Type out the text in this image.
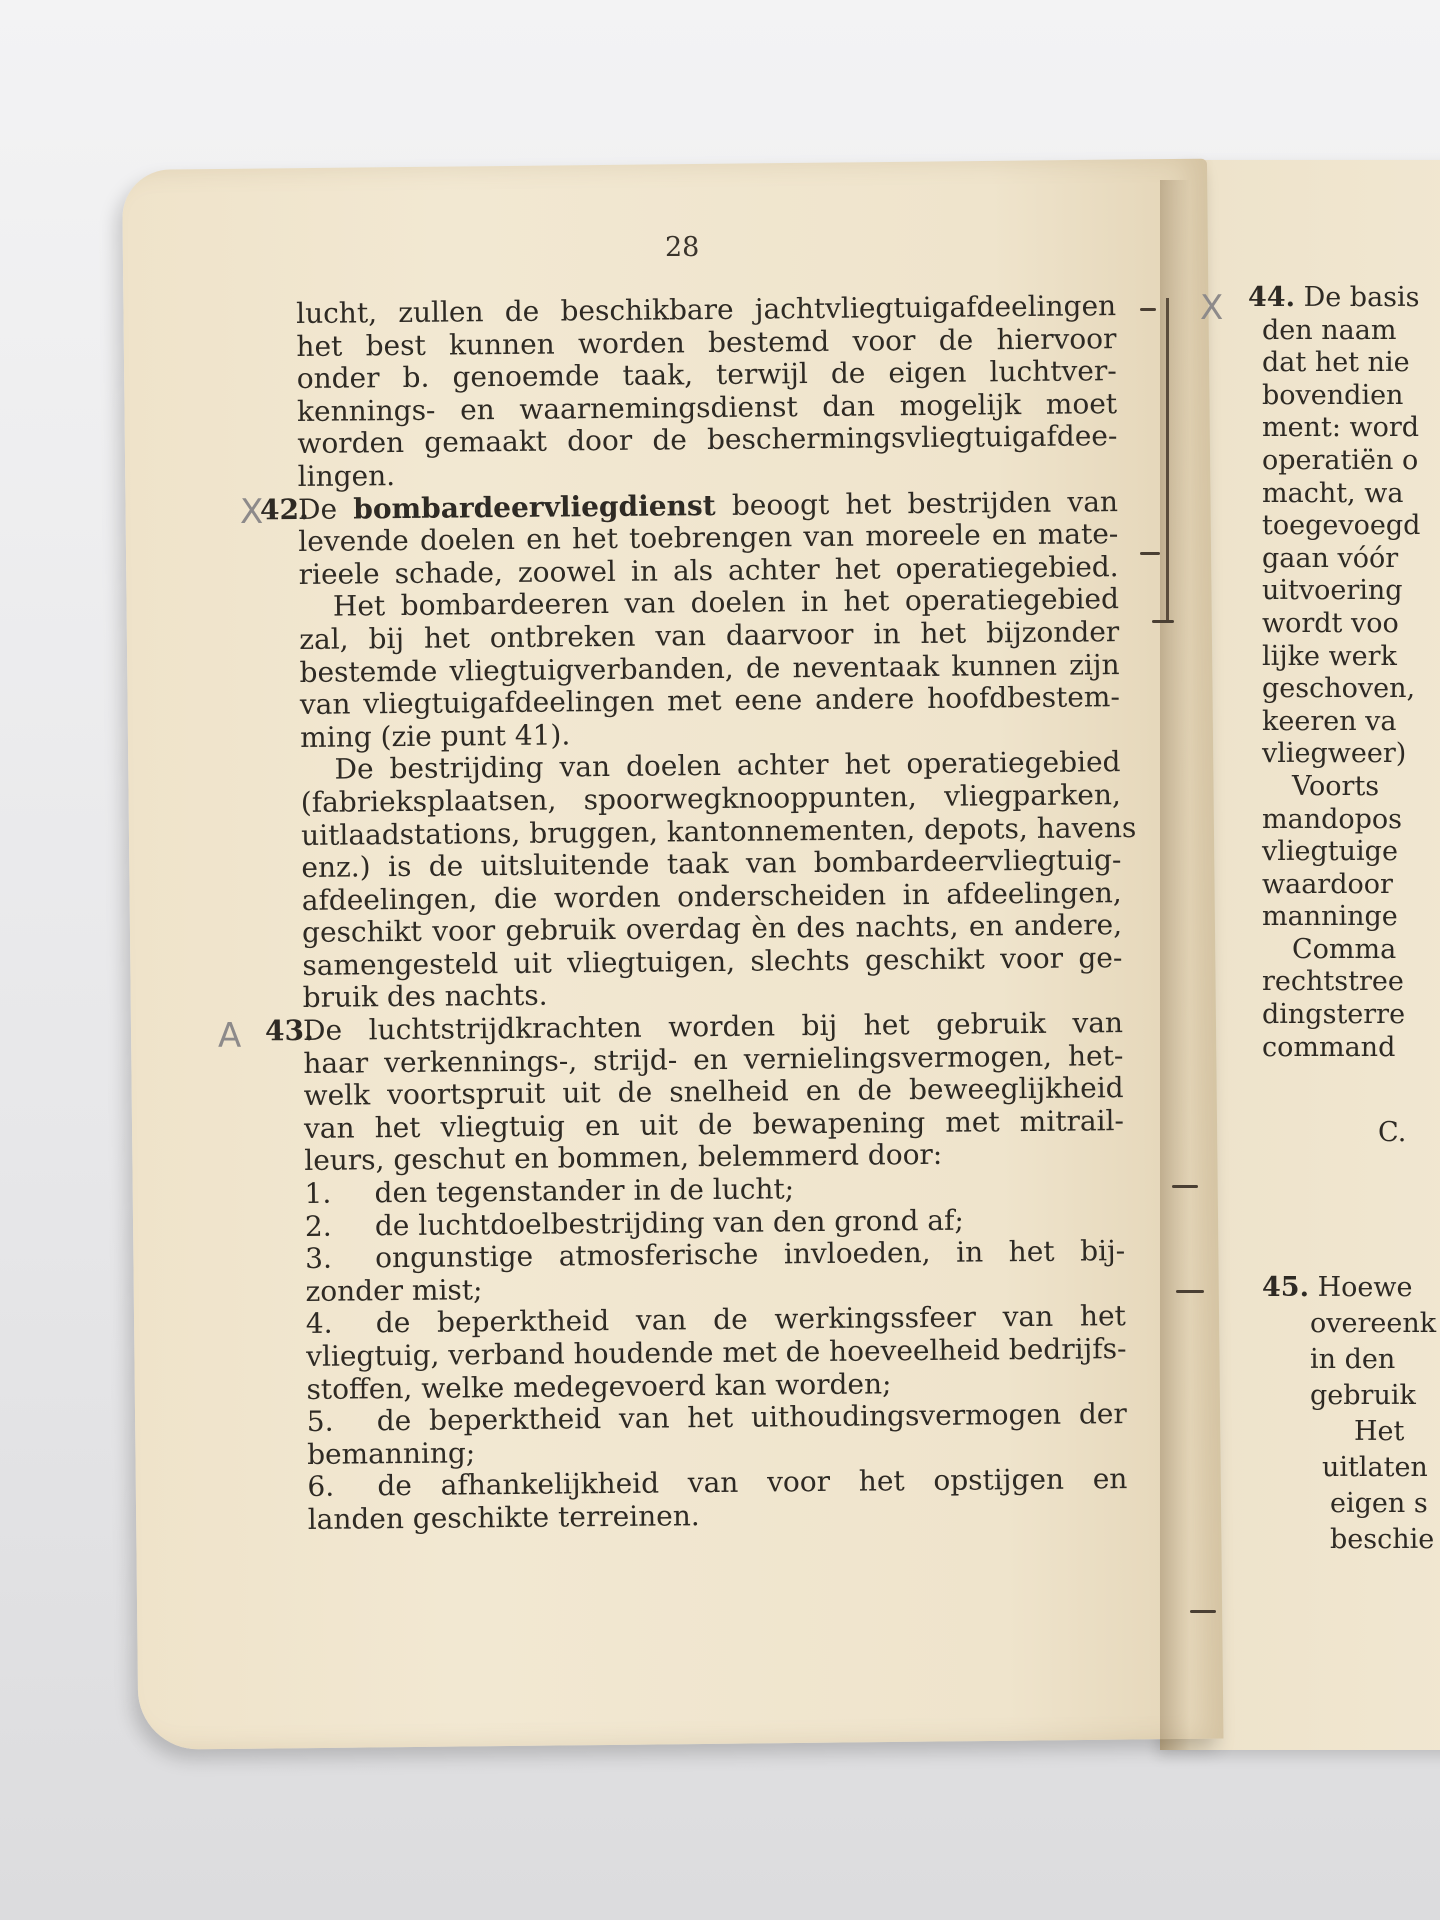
28
lucht, zullen de beschikbare jachtvliegtuigafdeelingen
het best kunnen worden bestemd voor de hiervoor
onder b. genoemde taak, terwijl de eigen luchtver-
kennings- en waarnemingsdienst dan mogelijk moet
worden gemaakt door de beschermingsvliegtuigafdee-
lingen.
42.
De bombardeervliegdienst beoogt het bestrijden van
levende doelen en het toebrengen van moreele en mate-
rieele schade, zoowel in als achter het operatiegebied.
Het bombardeeren van doelen in het operatiegebied
zal, bij het ontbreken van daarvoor in het bijzonder
bestemde vliegtuigverbanden, de neventaak kunnen zijn
van vliegtuigafdeelingen met eene andere hoofdbestem-
ming (zie punt 41).
De bestrijding van doelen achter het operatiegebied
(fabrieksplaatsen, spoorwegknooppunten, vliegparken,
uitlaadstations, bruggen, kantonnementen, depots, havens
enz.) is de uitsluitende taak van bombardeervliegtuig-
afdeelingen, die worden onderscheiden in afdeelingen,
geschikt voor gebruik overdag èn des nachts, en andere,
samengesteld uit vliegtuigen, slechts geschikt voor ge-
bruik des nachts.
43.
De luchtstrijdkrachten worden bij het gebruik van
haar verkennings-, strijd- en vernielingsvermogen, het-
welk voortspruit uit de snelheid en de beweeglijkheid
van het vliegtuig en uit de bewapening met mitrail-
leurs, geschut en bommen, belemmerd door:
1. den tegenstander in de lucht;
2. de luchtdoelbestrijding van den grond af;
3. ongunstige atmosferische invloeden, in het bij-
zonder mist;
4. de beperktheid van de werkingssfeer van het
vliegtuig, verband houdende met de hoeveelheid bedrijfs-
stoffen, welke medegevoerd kan worden;
5. de beperktheid van het uithoudingsvermogen der
bemanning;
6. de afhankelijkheid van voor het opstijgen en
landen geschikte terreinen.
X
A
X 44. De basis
den naam
dat het nie
bovendien
ment: word
operatiën o
macht, wa
toegevoegd
gaan vóór
uitvoering
wordt voo
lijke werk
geschoven,
keeren va
vliegweer)
Voorts
mandopos
vliegtuige
waardoor
manninge
Comma
rechtstree
dingsterre
command
C.
45. Hoewe
overeenk
in den
gebruik
Het
uitlaten
eigen s
beschie
